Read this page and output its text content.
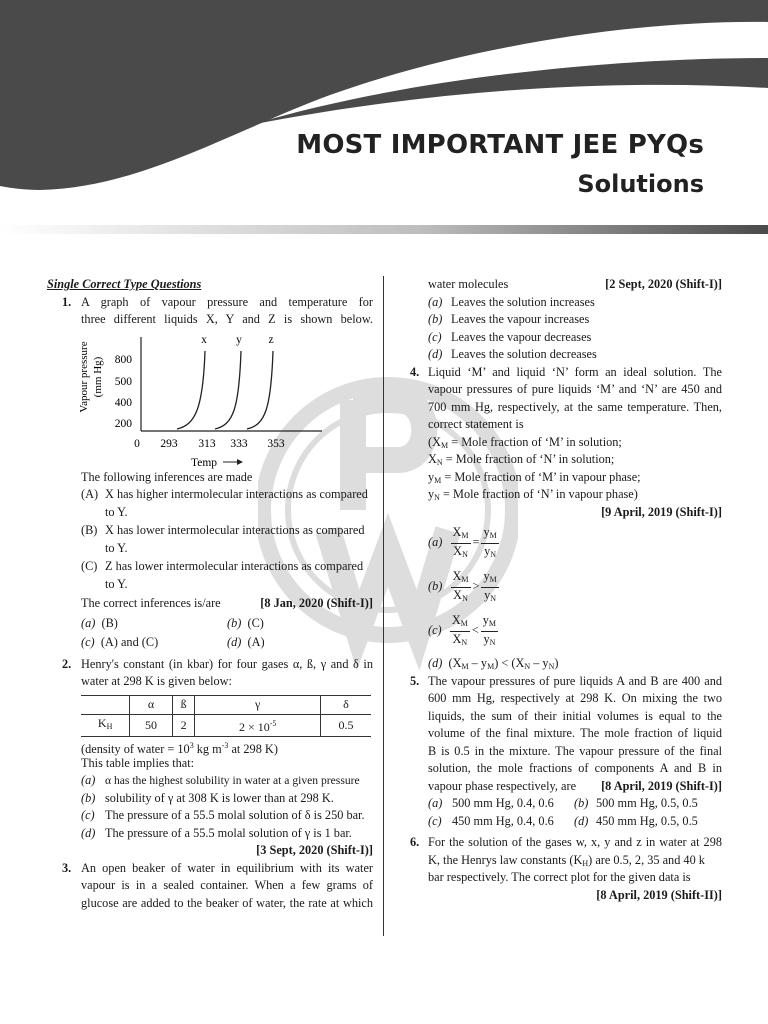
MOST IMPORTANT JEE PYQs
Solutions
Single Correct Type Questions
1. A graph of vapour pressure and temperature for
three different liquids X, Y and Z is shown below.
Vapour pressure (mm Hg) 800
500
400
200
0 293 313 333 353
x	y z
Temp
The following inferences are made
(A) X has higher intermolecular interactions as compared
to Y.
(B) X has lower intermolecular interactions as compared
to Y.
(C) Z has lower intermolecular interactions as compared
to Y.
The correct inferences is/are	[8 Jan, 2020 (Shift-I)]
(a) (B)	(b) (C)
(c) (A) and (C)	(d) (A)
2. Henry's constant (in kbar) for four gases α, ß, γ and δ in
water at 298 K is given below:
	α	ß	γ	δ
$K_H$	50	2	$2 \times 10^{-5}$	0.5
(density of water = $10^3$ kg $m^{-3}$ at 298 K)
This table implies that:
(a) α has the highest solubility in water at a given pressure
(b) solubility of γ at 308 K is lower than at 298 K.
(c) The pressure of a 55.5 molal solution of δ is 250 bar.
(d) The pressure of a 55.5 molal solution of γ is 1 bar.
[3 Sept, 2020 (Shift-I)]
3. An open beaker of water in equilibrium with its water
vapour is in a sealed container. When a few grams of
glucose are added to the beaker of water, the rate at which
water molecules	[2 Sept, 2020 (Shift-I)]
(a) Leaves the solution increases
(b) Leaves the vapour increases
(c) Leaves the vapour decreases
(d) Leaves the solution decreases
4. Liquid ‘M’ and liquid ‘N’ form an ideal solution. The
vapour pressures of pure liquids ‘M’ and ‘N’ are 450 and
700 mm Hg, respectively, at the same temperature. Then,
correct statement is
($X_M$ = Mole fraction of ‘M’ in solution;
$X_N$ = Mole fraction of ‘N’ in solution;
$y_M$ = Mole fraction of ‘M’ in vapour phase;
$y_N$ = Mole fraction of ‘N’ in vapour phase)
[9 April, 2019 (Shift-I)]
(a)
$\frac{X_M}{X_N} = \frac{y_M}{y_N}$
(b)
$\frac{X_M}{X_N} > \frac{y_M}{y_N}$
(c)
$\frac{X_M}{X_N} < \frac{y_M}{y_N}$
(d) $(X_M - y_M) < (X_N - y_N)$
5. The vapour pressures of pure liquids A and B are 400 and
600 mm Hg, respectively at 298 K. On mixing the two
liquids, the sum of their initial volumes is equal to the
volume of the final mixture. The mole fraction of liquid
B is 0.5 in the mixture. The vapour pressure of the final
solution, the mole fractions of components A and B in
vapour phase respectively, are [8 April, 2019 (Shift-I)]
(a) 500 mm Hg, 0.4, 0.6 (b) 500 mm Hg, 0.5, 0.5
(c) 450 mm Hg, 0.4, 0.6 (d) 450 mm Hg, 0.5, 0.5
6. For the solution of the gases w, x, y and z in water at 298
K, the Henrys law constants $(K_H)$ are 0.5, 2, 35 and 40 k
bar respectively. The correct plot for the given data is
[8 April, 2019 (Shift-II)]
